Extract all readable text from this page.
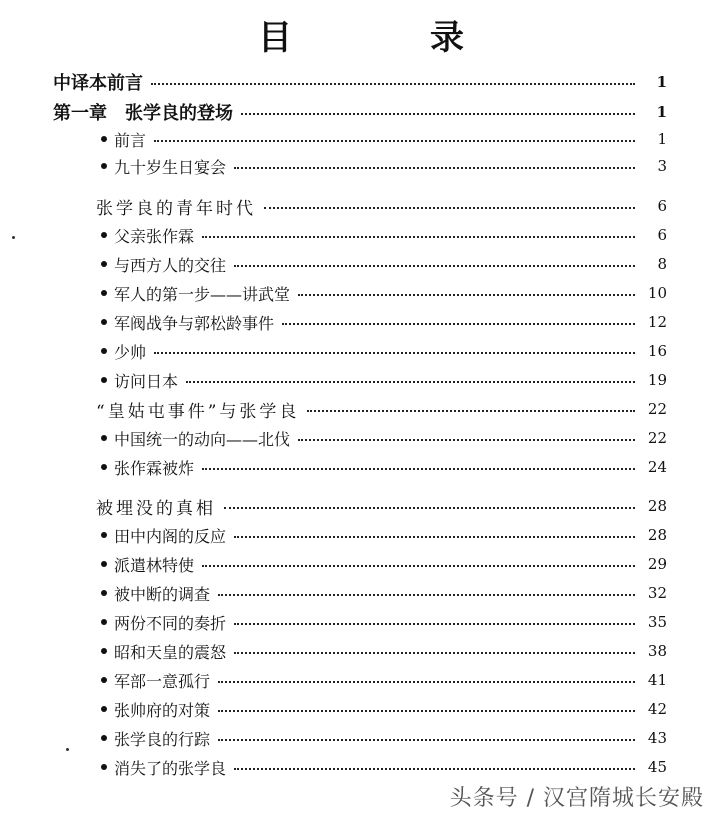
目　录
中译本前言	1
第一章　张学良的登场	1
前言	1
九十岁生日宴会	3
张学良的青年时代	6
父亲张作霖	6
与西方人的交往	8
军人的第一步——讲武堂	10
军阀战争与郭松龄事件	12
少帅	16
访问日本	19
“皇姑屯事件”与张学良	22
中国统一的动向——北伐	22
张作霖被炸	24
被埋没的真相	28
田中内阁的反应	28
派遣林特使	29
被中断的调查	32
两份不同的奏折	35
昭和天皇的震怒	38
军部一意孤行	41
张帅府的对策	42
张学良的行踪	43
消失了的张学良	45
头条号 / 汉宫隋城长安殿
